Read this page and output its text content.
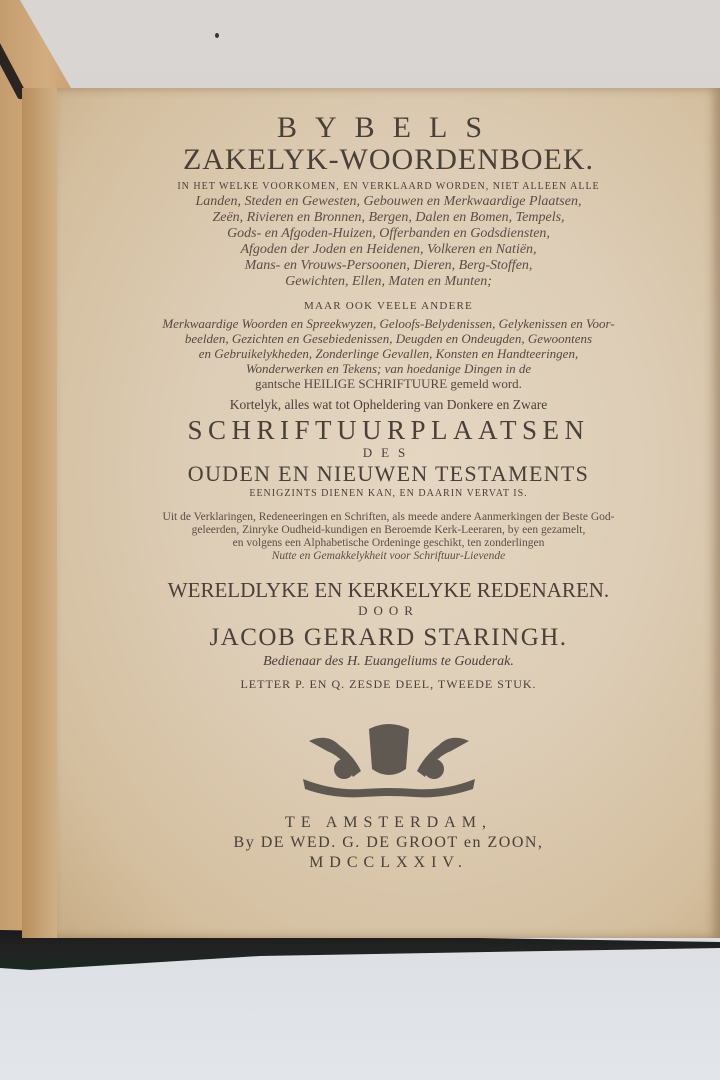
BYBELS
ZAKELYK-WOORDENBOEK.
IN HET WELKE VOORKOMEN, EN VERKLAARD WORDEN, NIET ALLEEN ALLE
Landen, Steden en Gewesten, Gebouwen en Merkwaardige Plaatsen,
Zeën, Rivieren en Bronnen, Bergen, Dalen en Bomen, Tempels,
Gods- en Afgoden-Huizen, Offerbanden en Godsdiensten,
Afgoden der Joden en Heidenen, Volkeren en Natiën,
Mans- en Vrouws-Persoonen, Dieren, Berg-Stoffen,
Gewichten, Ellen, Maten en Munten;
MAAR OOK VEELE ANDERE
Merkwaardige Woorden en Spreekwyzen, Geloofs-Belydenissen, Gelykenissen en Voor-
beelden, Gezichten en Gesebiedenissen, Deugden en Ondeugden, Gewoontens
en Gebruikelykheden, Zonderlinge Gevallen, Konsten en Handteeringen,
Wonderwerken en Tekens; van hoedanige Dingen in de
gantsche HEILIGE SCHRIFTUURE gemeld word.
Kortelyk, alles wat tot Opheldering van Donkere en Zware
SCHRIFTUURPLAATSEN
DES
OUDEN EN NIEUWEN TESTAMENTS
EENIGZINTS DIENEN KAN, EN DAARIN VERVAT IS.
Uit de Verklaringen, Redeneeringen en Schriften, als meede andere Aanmerkingen der Beste God-
geleerden, Zinryke Oudheid-kundigen en Beroemde Kerk-Leeraren, by een gezamelt,
en volgens een Alphabetische Ordeninge geschikt, ten zonderlingen
Nutte en Gemakkelykheit voor Schriftuur-Lievende
WERELDLYKE EN KERKELYKE REDENAREN.
DOOR
JACOB GERARD STARINGH.
Bedienaar des H. Euangeliums te Gouderak.
LETTER P. EN Q. ZESDE DEEL, TWEEDE STUK.
TE AMSTERDAM,
By DE WED. G. DE GROOT en ZOON,
MDCCLXXIV.
